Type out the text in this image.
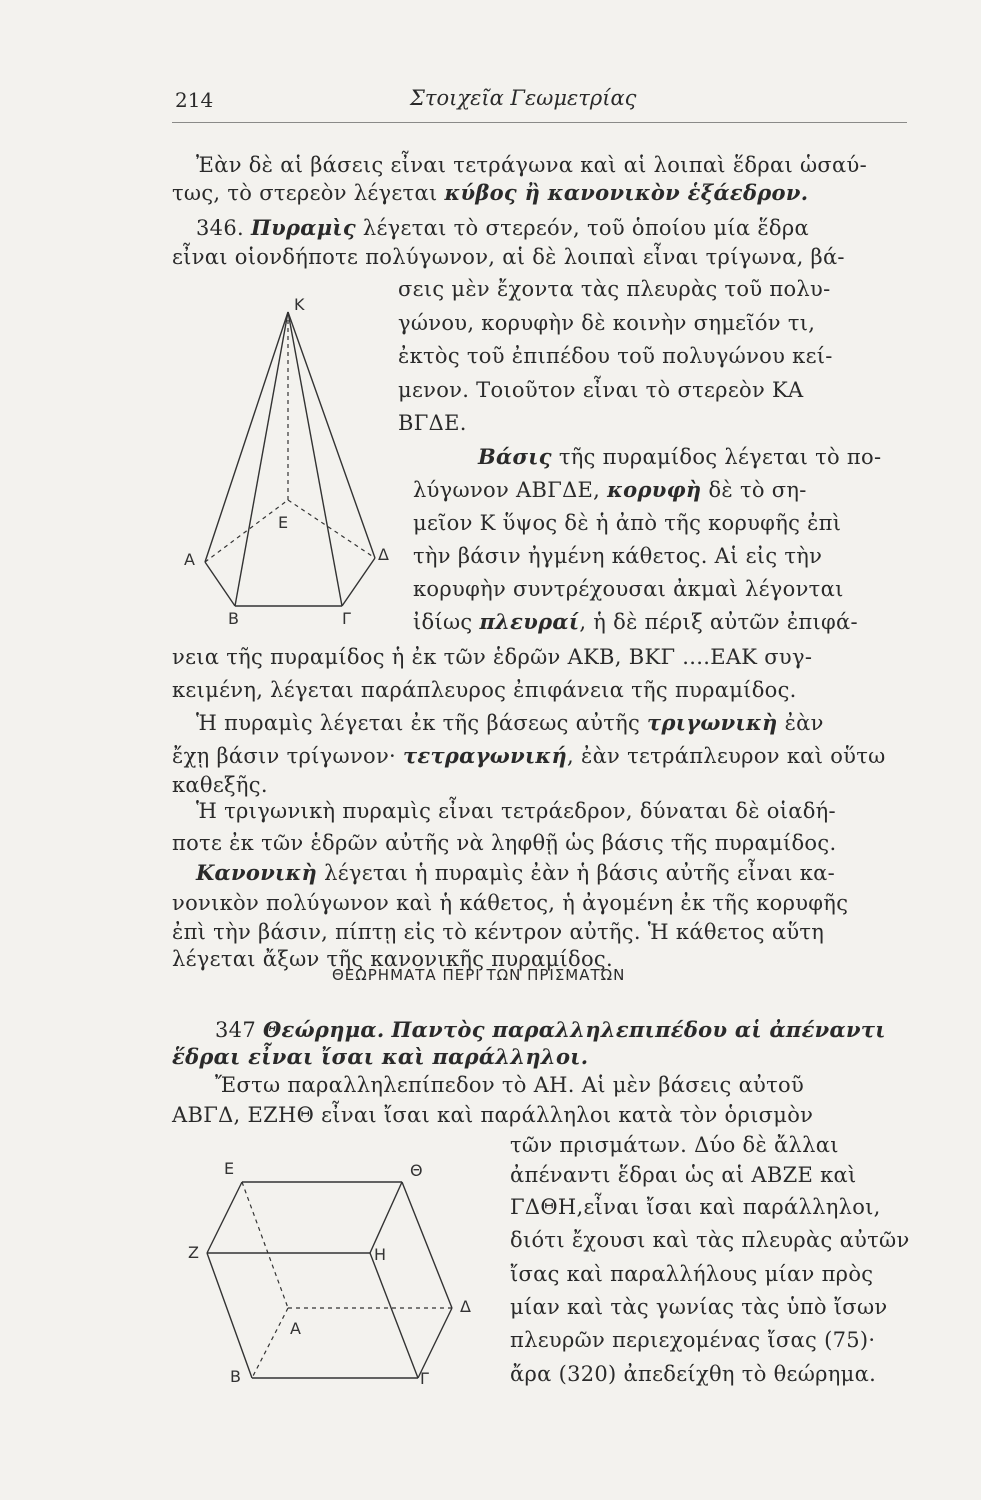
214	Στοιχεῖα Γεωμετρίας
Ἐὰν δὲ αἱ βάσεις εἶναι τετράγωνα καὶ αἱ λοιπαὶ ἕδραι ὡσαύ-
τως, τὸ στερεὸν λέγεται κύβος ἢ κανονικὸν ἑξάεδρον.
346. Πυραμὶς λέγεται τὸ στερεόν, τοῦ ὁποίου μία ἕδρα
εἶναι οἱονδήποτε πολύγωνον, αἱ δὲ λοιπαὶ εἶναι τρίγωνα, βά-
σεις μὲν ἔχοντα τὰς πλευρὰς τοῦ πολυ-
γώνου, κορυφὴν δὲ κοινὴν σημεῖόν τι,
ἐκτὸς τοῦ ἐπιπέδου τοῦ πολυγώνου κεί-
μενον. Τοιοῦτον εἶναι τὸ στερεὸν ΚΑ
ΒΓΔΕ.
Βάσις τῆς πυραμίδος λέγεται τὸ πο-
λύγωνον ΑΒΓΔΕ, κορυφὴ δὲ τὸ ση-
μεῖον Κ ὕψος δὲ ἡ ἀπὸ τῆς κορυφῆς ἐπὶ
τὴν βάσιν ἠγμένη κάθετος. Αἱ εἰς τὴν
κορυφὴν συντρέχουσαι ἀκμαὶ λέγονται
ἰδίως πλευραί, ἡ δὲ πέριξ αὐτῶν ἐπιφά-
νεια τῆς πυραμίδος ἡ ἐκ τῶν ἑδρῶν ΑΚΒ, ΒΚΓ ....ΕΑΚ συγ-
κειμένη, λέγεται παράπλευρος ἐπιφάνεια τῆς πυραμίδος.
Ἡ πυραμὶς λέγεται ἐκ τῆς βάσεως αὐτῆς τριγωνικὴ ἐὰν
ἔχῃ βάσιν τρίγωνον· τετραγωνική, ἐὰν τετράπλευρον καὶ οὕτω
καθεξῆς.
Ἡ τριγωνικὴ πυραμὶς εἶναι τετράεδρον, δύναται δὲ οἱαδή-
ποτε ἐκ τῶν ἑδρῶν αὐτῆς νὰ ληφθῇ ὡς βάσις τῆς πυραμίδος.
Κανονικὴ λέγεται ἡ πυραμὶς ἐὰν ἡ βάσις αὐτῆς εἶναι κα-
νονικὸν πολύγωνον καὶ ἡ κάθετος, ἡ ἀγομένη ἐκ τῆς κορυφῆς
ἐπὶ τὴν βάσιν, πίπτῃ εἰς τὸ κέντρον αὐτῆς. Ἡ κάθετος αὕτη
λέγεται ἄξων τῆς κανονικῆς πυραμίδος.
ΘΕΩΡΗΜΑΤΑ ΠΕΡΙ ΤΩΝ ΠΡΙΣΜΑΤΩΝ
347 Θεώρημα. Παντὸς παραλληλεπιπέδου αἱ ἀπέναντι
ἕδραι εἶναι ἴσαι καὶ παράλληλοι.
Ἔστω παραλληλεπίπεδον τὸ ΑΗ. Αἱ μὲν βάσεις αὐτοῦ
ΑΒΓΔ, ΕΖΗΘ εἶναι ἴσαι καὶ παράλληλοι κατὰ τὸν ὁρισμὸν
τῶν πρισμάτων. Δύο δὲ ἄλλαι
ἀπέναντι ἕδραι ὡς αἱ ΑΒΖΕ καὶ
ΓΔΘΗ,εἶναι ἴσαι καὶ παράλληλοι,
διότι ἔχουσι καὶ τὰς πλευρὰς αὐτῶν
ἴσας καὶ παραλλήλους μίαν πρὸς
μίαν καὶ τὰς γωνίας τὰς ὑπὸ ἴσων
πλευρῶν περιεχομένας ἴσας (75)·
ἄρα (320) ἀπεδείχθη τὸ θεώρημα.
Κ
Ε
Α	Δ
Β	Γ
Ε	Θ
Ζ	Η
Δ
Α
Β	Γ
